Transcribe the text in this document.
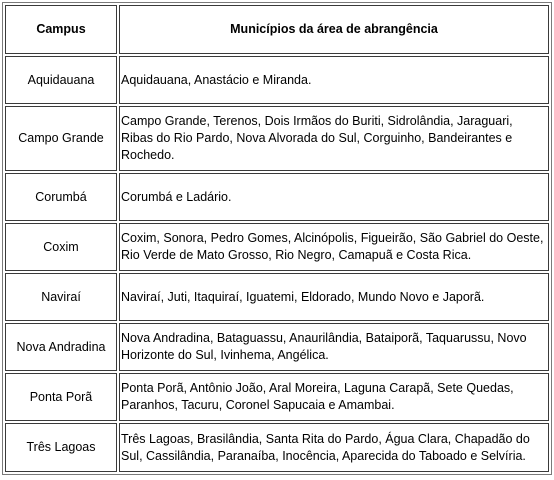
Campus	Municípios da área de abrangência
Aquidauana	Aquidauana, Anastácio e Miranda.
Campo Grande	Campo Grande, Terenos, Dois Irmãos do Buriti, Sidrolândia, Jaraguari, Ribas do Rio Pardo, Nova Alvorada do Sul, Corguinho, Bandeirantes e Rochedo.
Corumbá	Corumbá e Ladário.
Coxim	Coxim, Sonora, Pedro Gomes, Alcinópolis, Figueirão, São Gabriel do Oeste, Rio Verde de Mato Grosso, Rio Negro, Camapuã e Costa Rica.
Naviraí	Naviraí, Juti, Itaquiraí, Iguatemi, Eldorado, Mundo Novo e Japorã.
Nova Andradina	Nova Andradina, Bataguassu, Anaurilândia, Bataiporã, Taquarussu, Novo Horizonte do Sul, Ivinhema, Angélica.
Ponta Porã	Ponta Porã, Antônio João, Aral Moreira, Laguna Carapã, Sete Quedas, Paranhos, Tacuru, Coronel Sapucaia e Amambai.
Três Lagoas	Três Lagoas, Brasilândia, Santa Rita do Pardo, Água Clara, Chapadão do Sul, Cassilândia, Paranaíba, Inocência, Aparecida do Taboado e Selvíria.
